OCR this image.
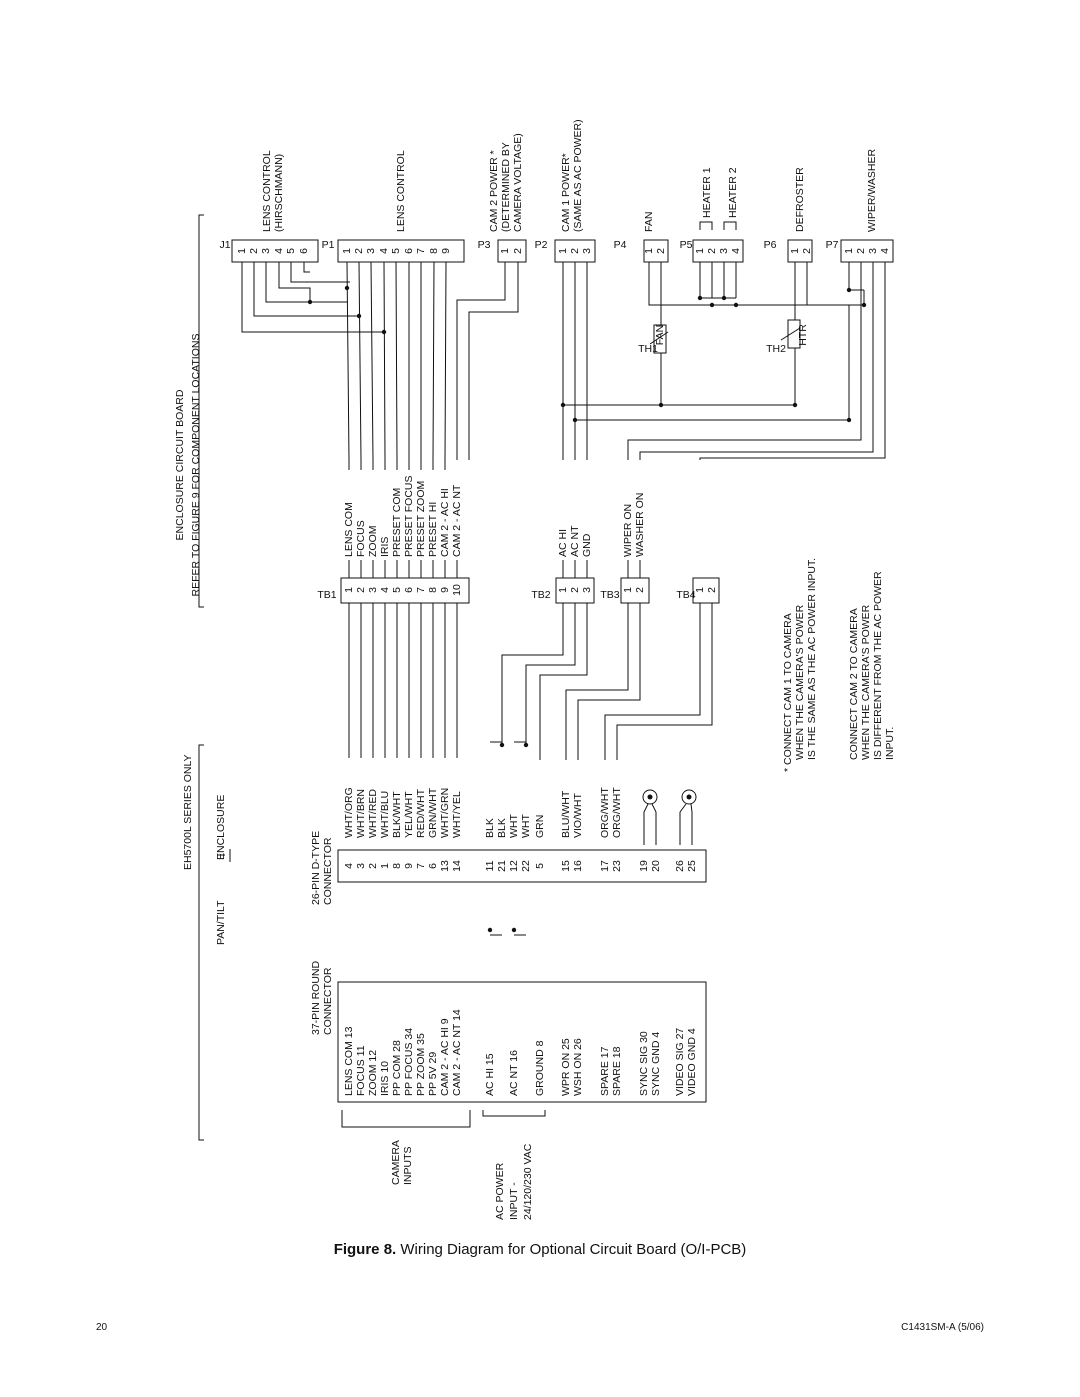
ENCLOSURE CIRCUIT BOARD REFER TO FIGURE 9 FOR COMPONENT LOCATIONS
EH5700L SERIES ONLY
PAN/TILT
ENCLOSURE
37-PIN ROUND CONNECTOR
26-PIN D-TYPE CONNECTOR
CAMERA INPUTS	AC POWER INPUT - 24/120/230 VAC
LENS COM 13 FOCUS 11 ZOOM 12 IRIS 10 PP COM 28 PP FOCUS 34 PP ZOOM 35 PP 5V 29 CAM 2 - AC HI 9 CAM 2 - AC NT 14
4 3 2 1 8 9 7 6 13 14
WHT/ORG WHT/BRN WHT/RED WHT/BLU BLK/WHT YEL/WHT RED/WHT GRN/WHT WHT/GRN WHT/YEL
TB1 1 2 3 4 5 6 7 8 9 10
LENS COM FOCUS ZOOM IRIS PRESET COM PRESET FOCUS PRESET ZOOM PRESET HI CAM 2 - AC HI CAM 2 - AC NT
AC HI 15 AC NT 16 GROUND 8
11 21 12 22 5
BLK BLK WHT WHT GRN
TB2 1 2 3
AC HI AC NT GND
WPR ON 25 WSH ON 26
15 16
BLU/WHT VIO/WHT
TB3 1 2
WIPER ON WASHER ON
SPARE 17 SPARE 18
17 23
ORG/WHT ORG/WHT
TB4
1 2
SYNC SIG 30 SYNC GND 4
19 20
VIDEO SIG 27 VIDEO GND 4
26 25
J1 1 2 3 4 5 6
LENS CONTROL (HIRSCHMANN)
P1 1 2 3 4 5 6 7 8 9
LENS CONTROL
P3 1 2
CAM 2 POWER * (DETERMINED BY CAMERA VOLTAGE)
P2 1 2 3
CAM 1 POWER* (SAME AS AC POWER)
P4 1 2
FAN
TH1
FAN
P5 1 2 3 4
HEATER 1 HEATER 2
P6 1 2
DEFROSTER
TH2
HTR
P7 1 2 3 4
WIPER/WASHER
* CONNECT CAM 1 TO CAMERA WHEN THE CAMERA'S POWER IS THE SAME AS THE AC POWER INPUT.	CONNECT CAM 2 TO CAMERA WHEN THE CAMERA'S POWER IS DIFFERENT FROM THE AC POWER INPUT.
Figure 8. Wiring Diagram for Optional Circuit Board (O/I-PCB)
20	C1431SM-A (5/06)
